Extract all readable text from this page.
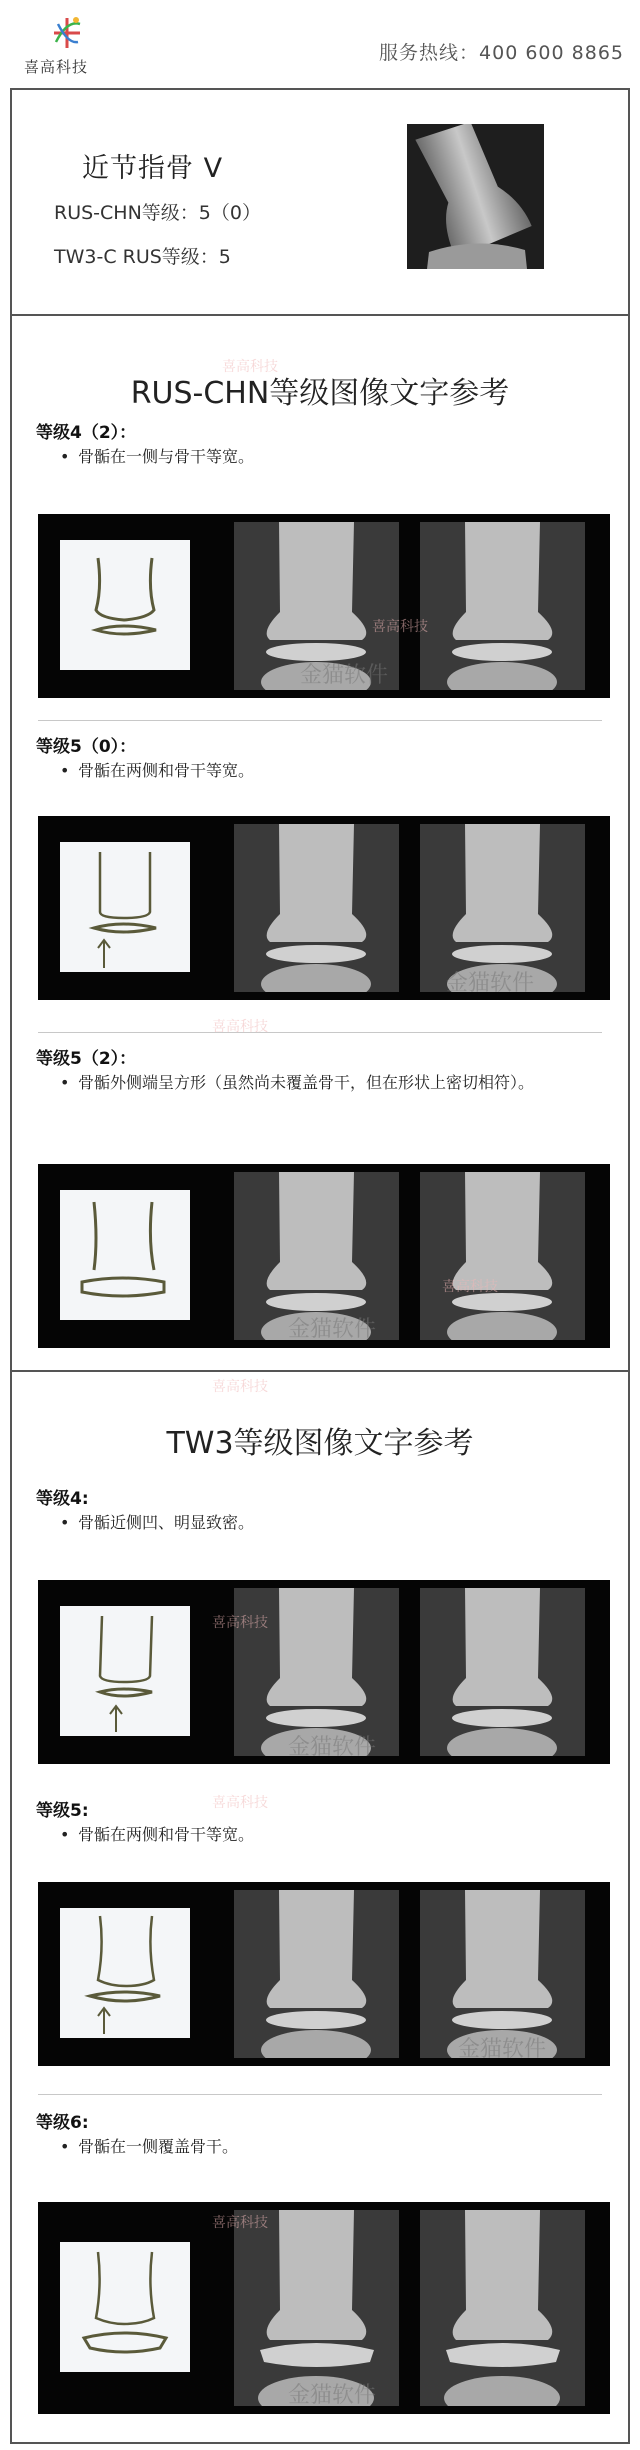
喜高科技
服务热线：400 600 8865
近节指骨 V
RUS-CHN等级：5（0）
TW3-C RUS等级：5
RUS-CHN等级图像文字参考
等级4（2）：
• 骨骺在一侧与骨干等宽。
金猫软件
等级5（0）：
• 骨骺在两侧和骨干等宽。
金猫软件
等级5（2）：
• 骨骺外侧端呈方形（虽然尚未覆盖骨干，但在形状上密切相符）。
金猫软件
喜高科技
喜高科技
喜高科技
喜高科技
TW3等级图像文字参考
等级4:
• 骨骺近侧凹、明显致密。
金猫软件
等级5:
• 骨骺在两侧和骨干等宽。
金猫软件
等级6:
• 骨骺在一侧覆盖骨干。
金猫软件
喜高科技
喜高科技
喜高科技
喜高科技
